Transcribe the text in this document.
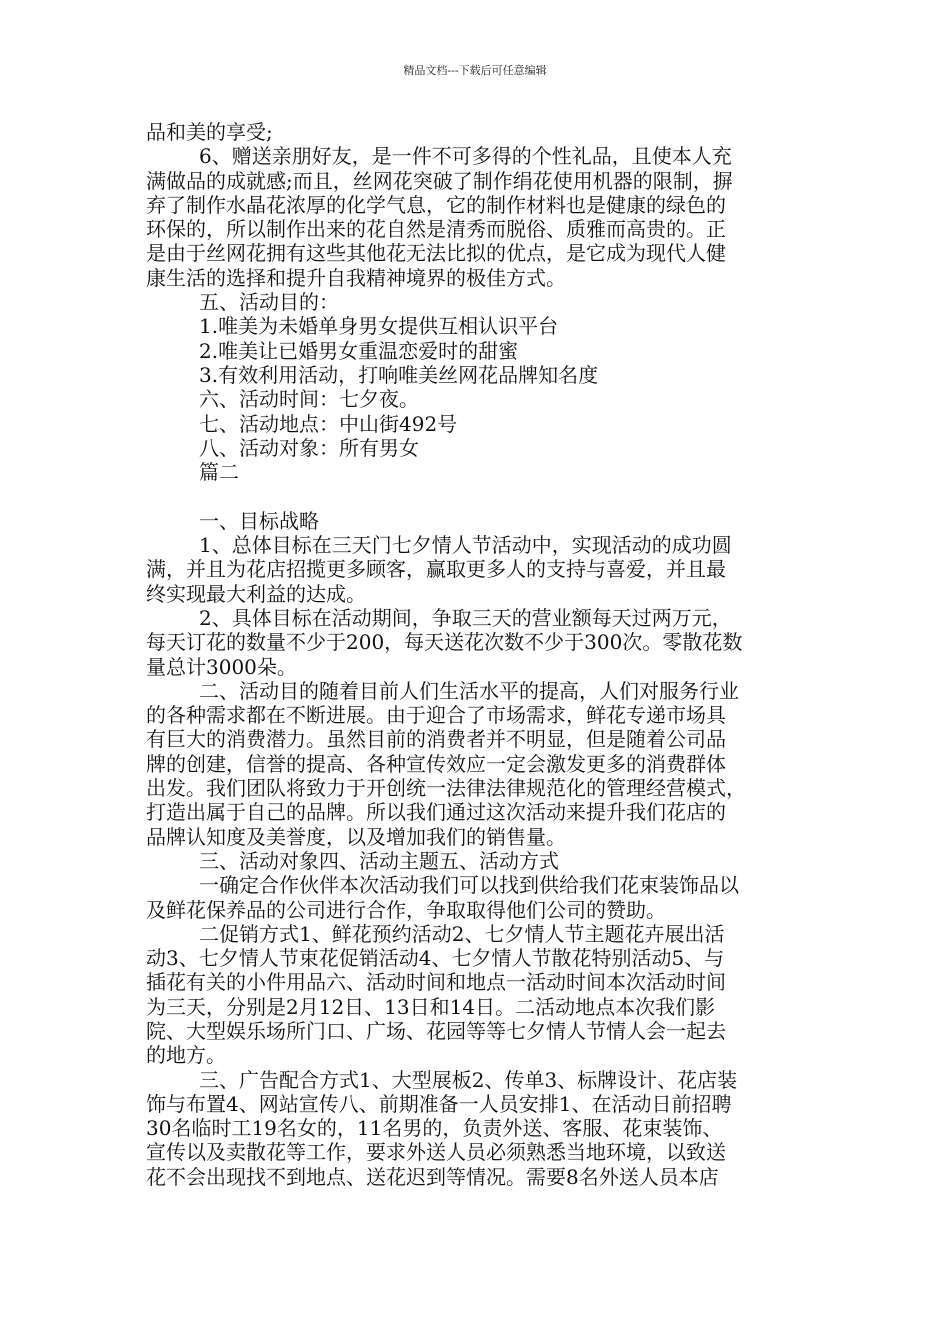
精品文档---下载后可任意编辑
品和美的享受;
6、赠送亲朋好友，是一件不可多得的个性礼品，且使本人充
满做品的成就感;而且，丝网花突破了制作绢花使用机器的限制，摒
弃了制作水晶花浓厚的化学气息，它的制作材料也是健康的绿色的
环保的，所以制作出来的花自然是清秀而脱俗、质雅而高贵的。正
是由于丝网花拥有这些其他花无法比拟的优点，是它成为现代人健
康生活的选择和提升自我精神境界的极佳方式。
五、活动目的：
1.唯美为未婚单身男女提供互相认识平台
2.唯美让已婚男女重温恋爱时的甜蜜
3.有效利用活动，打响唯美丝网花品牌知名度
六、活动时间：七夕夜。
七、活动地点：中山街492号
八、活动对象：所有男女
篇二
一、目标战略
1、总体目标在三天门七夕情人节活动中，实现活动的成功圆
满，并且为花店招揽更多顾客，赢取更多人的支持与喜爱，并且最
终实现最大利益的达成。
2、具体目标在活动期间，争取三天的营业额每天过两万元，
每天订花的数量不少于200，每天送花次数不少于300次。零散花数
量总计3000朵。
二、活动目的随着目前人们生活水平的提高，人们对服务行业
的各种需求都在不断进展。由于迎合了市场需求，鲜花专递市场具
有巨大的消费潜力。虽然目前的消费者并不明显，但是随着公司品
牌的创建，信誉的提高、各种宣传效应一定会激发更多的消费群体
出发。我们团队将致力于开创统一法律法律规范化的管理经营模式，
打造出属于自己的品牌。所以我们通过这次活动来提升我们花店的
品牌认知度及美誉度，以及增加我们的销售量。
三、活动对象四、活动主题五、活动方式
一确定合作伙伴本次活动我们可以找到供给我们花束装饰品以
及鲜花保养品的公司进行合作，争取取得他们公司的赞助。
二促销方式1、鲜花预约活动2、七夕情人节主题花卉展出活
动3、七夕情人节束花促销活动4、七夕情人节散花特别活动5、与
插花有关的小件用品六、活动时间和地点一活动时间本次活动时间
为三天，分别是2月12日、13日和14日。二活动地点本次我们影
院、大型娱乐场所门口、广场、花园等等七夕情人节情人会一起去
的地方。
三、广告配合方式1、大型展板2、传单3、标牌设计、花店装
饰与布置4、网站宣传八、前期准备一人员安排1、在活动日前招聘
30名临时工19名女的，11名男的，负责外送、客服、花束装饰、
宣传以及卖散花等工作，要求外送人员必须熟悉当地环境，以致送
花不会出现找不到地点、送花迟到等情况。需要8名外送人员本店
